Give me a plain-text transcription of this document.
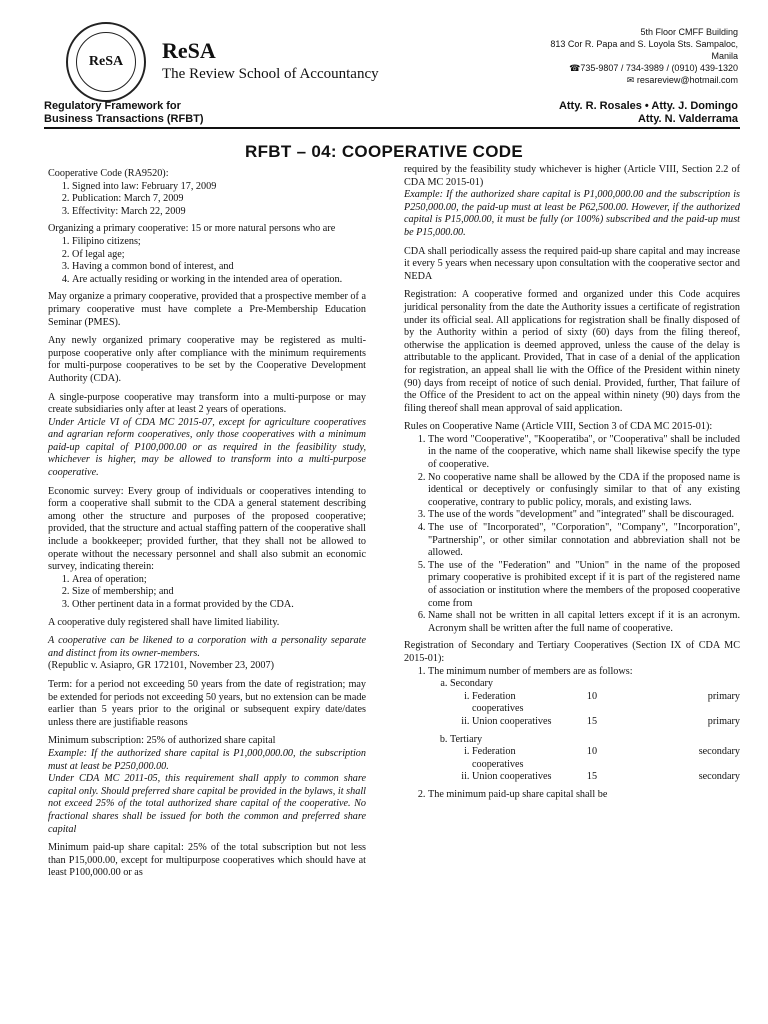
ReSA	ReSA
The Review School of Accountancy
5th Floor CMFF Building
813 Cor R. Papa and S. Loyola Sts. Sampaloc,
Manila
☎735-9807 / 734-3989 / (0910) 439-1320
✉ resareview@hotmail.com
Regulatory Framework for
Business Transactions (RFBT)
Atty. R. Rosales • Atty. J. Domingo
Atty. N. Valderrama
RFBT – 04: COOPERATIVE CODE

Cooperative Code (RA9520):

1. Signed into law: February 17, 2009
2. Publication: March 7, 2009
3. Effectivity: March 22, 2009

Organizing a primary cooperative: 15 or more natural persons who are

1. Filipino citizens;
2. Of legal age;
3. Having a common bond of interest, and
4. Are actually residing or working in the intended area of operation.

May organize a primary cooperative, provided that a prospective member of a primary cooperative must have complete a Pre-Membership Education Seminar (PMES).

Any newly organized primary cooperative may be registered as multi-purpose cooperative only after compliance with the minimum requirements for multi-purpose cooperatives to be set by the Cooperative Development Authority (CDA).

A single-purpose cooperative may transform into a multi-purpose or may create subsidiaries only after at least 2 years of operations.

Under Article VI of CDA MC 2015-07, except for agriculture cooperatives and agrarian reform cooperatives, only those cooperatives with a minimum paid-up capital of P100,000.00 or as required in the feasibility study, whichever is higher, may be allowed to transform into a multi-purpose cooperative.

Economic survey: Every group of individuals or cooperatives intending to form a cooperative shall submit to the CDA a general statement describing among other the structure and purposes of the proposed cooperative; provided, that the structure and actual staffing pattern of the cooperative shall include a bookkeeper; provided further, that they shall not be allowed to operate without the necessary personnel and shall also submit an economic survey, indicating therein:

1. Area of operation;
2. Size of membership; and
3. Other pertinent data in a format provided by the CDA.

A cooperative duly registered shall have limited liability.

A cooperative can be likened to a corporation with a personality separate and distinct from its owner-members.

(Republic v. Asiapro, GR 172101, November 23, 2007)

Term: for a period not exceeding 50 years from the date of registration; may be extended for periods not exceeding 50 years, but no extension can be made earlier than 5 years prior to the original or subsequent expiry date/dates unless there are justifiable reasons

Minimum subscription: 25% of authorized share capital

Example: If the authorized share capital is P1,000,000.00, the subscription must at least be P250,000.00.

Under CDA MC 2011-05, this requirement shall apply to common share capital only. Should preferred share capital be provided in the bylaws, it shall not exceed 25% of the total authorized share capital of the cooperative. No fractional shares shall be issued for both the common and preferred share capital

Minimum paid-up share capital: 25% of the total subscription but not less than P15,000.00, except for multipurpose cooperatives which should have at least P100,000.00 or as

required by the feasibility study whichever is higher (Article VIII, Section 2.2 of CDA MC 2015-01)

Example: If the authorized share capital is P1,000,000.00 and the subscription is P250,000.00, the paid-up must at least be P62,500.00. However, if the authorized capital is P15,000.00, it must be fully (or 100%) subscribed and the paid-up must be P15,000.00.

CDA shall periodically assess the required paid-up share capital and may increase it every 5 years when necessary upon consultation with the cooperative sector and NEDA

Registration: A cooperative formed and organized under this Code acquires juridical personality from the date the Authority issues a certificate of registration under its official seal. All applications for registration shall be finally disposed of by the Authority within a period of sixty (60) days from the filing thereof, otherwise the application is deemed approved, unless the cause of the delay is attributable to the applicant. Provided, That in case of a denial of the application for registration, an appeal shall lie with the Office of the President within ninety (90) days from receipt of notice of such denial. Provided, further, That failure of the Office of the President to act on the appeal within ninety (90) days from the filing thereof shall mean approval of said application.

Rules on Cooperative Name (Article VIII, Section 3 of CDA MC 2015-01):

1. The word "Cooperative", "Kooperatiba", or "Cooperativa" shall be included in the name of the cooperative, which name shall likewise specify the type of cooperative.
2. No cooperative name shall be allowed by the CDA if the proposed name is identical or deceptively or confusingly similar to that of any existing cooperative, contrary to public policy, morals, and existing laws.
3. The use of the words "development" and "integrated" shall be discouraged.
4. The use of "Incorporated", "Corporation", "Company", "Incorporation", "Partnership", or other similar connotation and abbreviation shall not be allowed.
5. The use of the "Federation" and "Union" in the name of the proposed primary cooperative is prohibited except if it is part of the registered name of association or institution where the members of the proposed cooperative come from
6. Name shall not be written in all capital letters except if it is an acronym. Acronym shall be written after the full name of cooperative.

Registration of Secondary and Tertiary Cooperatives (Section IX of CDA MC 2015-01):

1. The minimum number of members are as follows:
a. Secondary
i. Federation cooperatives
10	primary
ii. Union cooperatives	15	primary
b. Tertiary
i. Federation cooperatives
10	secondary
ii. Union cooperatives	15	secondary
2. The minimum paid-up share capital shall be
